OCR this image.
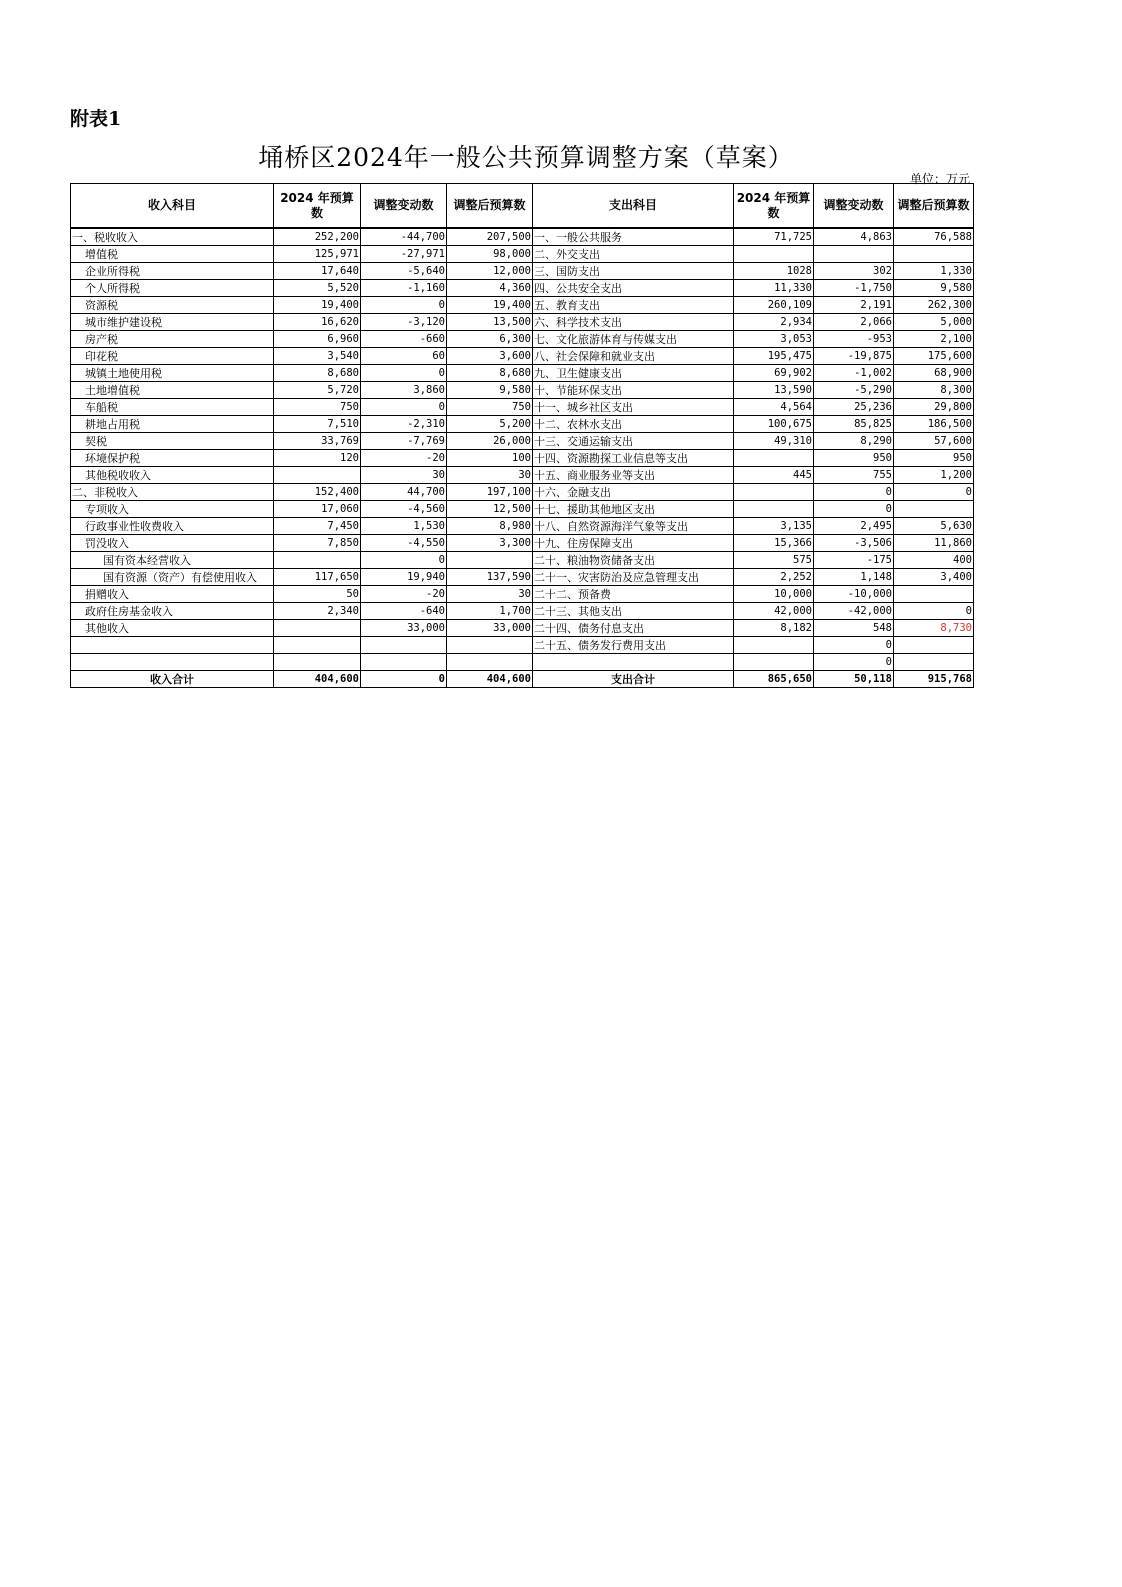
附表1
埇桥区2024年一般公共预算调整方案（草案）
单位：万元
收入科目	2024 年预算数	调整变动数	调整后预算数	支出科目	2024 年预算数	调整变动数	调整后预算数
一、税收收入	252,200	-44,700	207,500	一、一般公共服务	71,725	4,863	76,588
增值税	125,971	-27,971	98,000	二、外交支出			
企业所得税	17,640	-5,640	12,000	三、国防支出	1028	302	1,330
个人所得税	5,520	-1,160	4,360	四、公共安全支出	11,330	-1,750	9,580
资源税	19,400	0	19,400	五、教育支出	260,109	2,191	262,300
城市维护建设税	16,620	-3,120	13,500	六、科学技术支出	2,934	2,066	5,000
房产税	6,960	-660	6,300	七、文化旅游体育与传媒支出	3,053	-953	2,100
印花税	3,540	60	3,600	八、社会保障和就业支出	195,475	-19,875	175,600
城镇土地使用税	8,680	0	8,680	九、卫生健康支出	69,902	-1,002	68,900
土地增值税	5,720	3,860	9,580	十、节能环保支出	13,590	-5,290	8,300
车船税	750	0	750	十一、城乡社区支出	4,564	25,236	29,800
耕地占用税	7,510	-2,310	5,200	十二、农林水支出	100,675	85,825	186,500
契税	33,769	-7,769	26,000	十三、交通运输支出	49,310	8,290	57,600
环境保护税	120	-20	100	十四、资源勘探工业信息等支出		950	950
其他税收收入		30	30	十五、商业服务业等支出	445	755	1,200
二、非税收入	152,400	44,700	197,100	十六、金融支出		0	0
专项收入	17,060	-4,560	12,500	十七、援助其他地区支出		0	
行政事业性收费收入	7,450	1,530	8,980	十八、自然资源海洋气象等支出	3,135	2,495	5,630
罚没收入	7,850	-4,550	3,300	十九、住房保障支出	15,366	-3,506	11,860
国有资本经营收入		0		二十、粮油物资储备支出	575	-175	400
国有资源（资产）有偿使用收入	117,650	19,940	137,590	二十一、灾害防治及应急管理支出	2,252	1,148	3,400
捐赠收入	50	-20	30	二十二、预备费	10,000	-10,000	
政府住房基金收入	2,340	-640	1,700	二十三、其他支出	42,000	-42,000	0
其他收入		33,000	33,000	二十四、债务付息支出	8,182	548	8,730
				二十五、债务发行费用支出		0	
						0	
收入合计	404,600	0	404,600	支出合计	865,650	50,118	915,768
